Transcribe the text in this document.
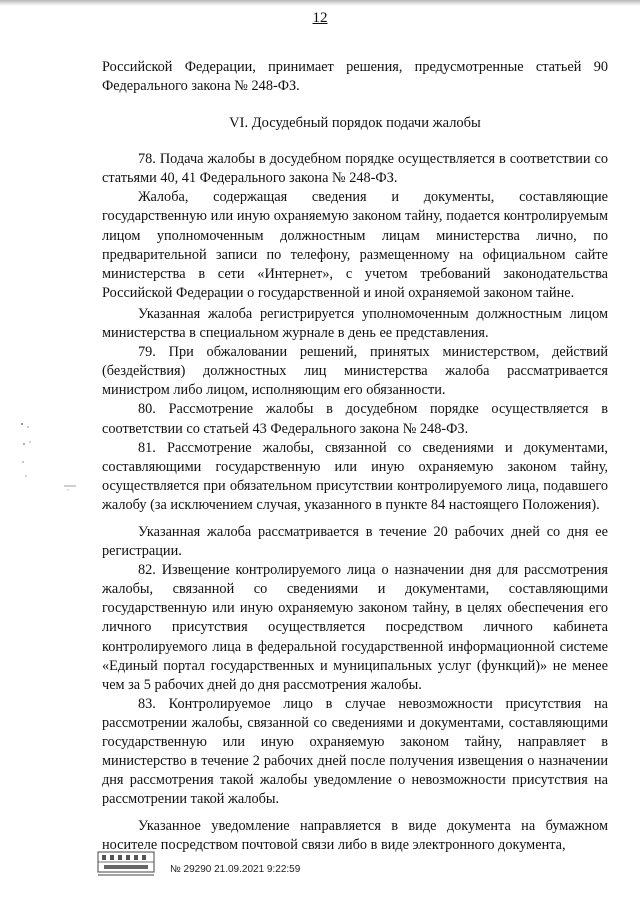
12

Российской Федерации, принимает решения, предусмотренные статьей 90 Федерального закона № 248-ФЗ.

VI. Досудебный порядок подачи жалобы

78. Подача жалобы в досудебном порядке осуществляется в соответствии со статьями 40, 41 Федерального закона № 248-ФЗ.

Жалоба, содержащая сведения и документы, составляющие государственную или иную охраняемую законом тайну, подается контролируемым лицом уполномоченным должностным лицам министерства лично, по предварительной записи по телефону, размещенному на официальном сайте министерства в сети «Интернет», с учетом требований законодательства Российской Федерации о государственной и иной охраняемой законом тайне.

Указанная жалоба регистрируется уполномоченным должностным лицом министерства в специальном журнале в день ее представления.

79. При обжаловании решений, принятых министерством, действий (бездействия) должностных лиц министерства жалоба рассматривается министром либо лицом, исполняющим его обязанности.

80. Рассмотрение жалобы в досудебном порядке осуществляется в соответствии со статьей 43 Федерального закона № 248-ФЗ.

81. Рассмотрение жалобы, связанной со сведениями и документами, составляющими государственную или иную охраняемую законом тайну, осуществляется при обязательном присутствии контролируемого лица, подавшего жалобу (за исключением случая, указанного в пункте 84 настоящего Положения).

Указанная жалоба рассматривается в течение 20 рабочих дней со дня ее регистрации.

82. Извещение контролируемого лица о назначении дня для рассмотрения жалобы, связанной со сведениями и документами, составляющими государственную или иную охраняемую законом тайну, в целях обеспечения его личного присутствия осуществляется посредством личного кабинета контролируемого лица в федеральной государственной информационной системе «Единый портал государственных и муниципальных услуг (функций)» не менее чем за 5 рабочих дней до дня рассмотрения жалобы.

83. Контролируемое лицо в случае невозможности присутствия на рассмотрении жалобы, связанной со сведениями и документами, составляющими государственную или иную охраняемую законом тайну, направляет в министерство в течение 2 рабочих дней после получения извещения о назначении дня рассмотрения такой жалобы уведомление о невозможности присутствия на рассмотрении такой жалобы.

Указанное уведомление направляется в виде документа на бумажном носителе посредством почтовой связи либо в виде электронного документа,

№ 29290 21.09.2021 9:22:59
